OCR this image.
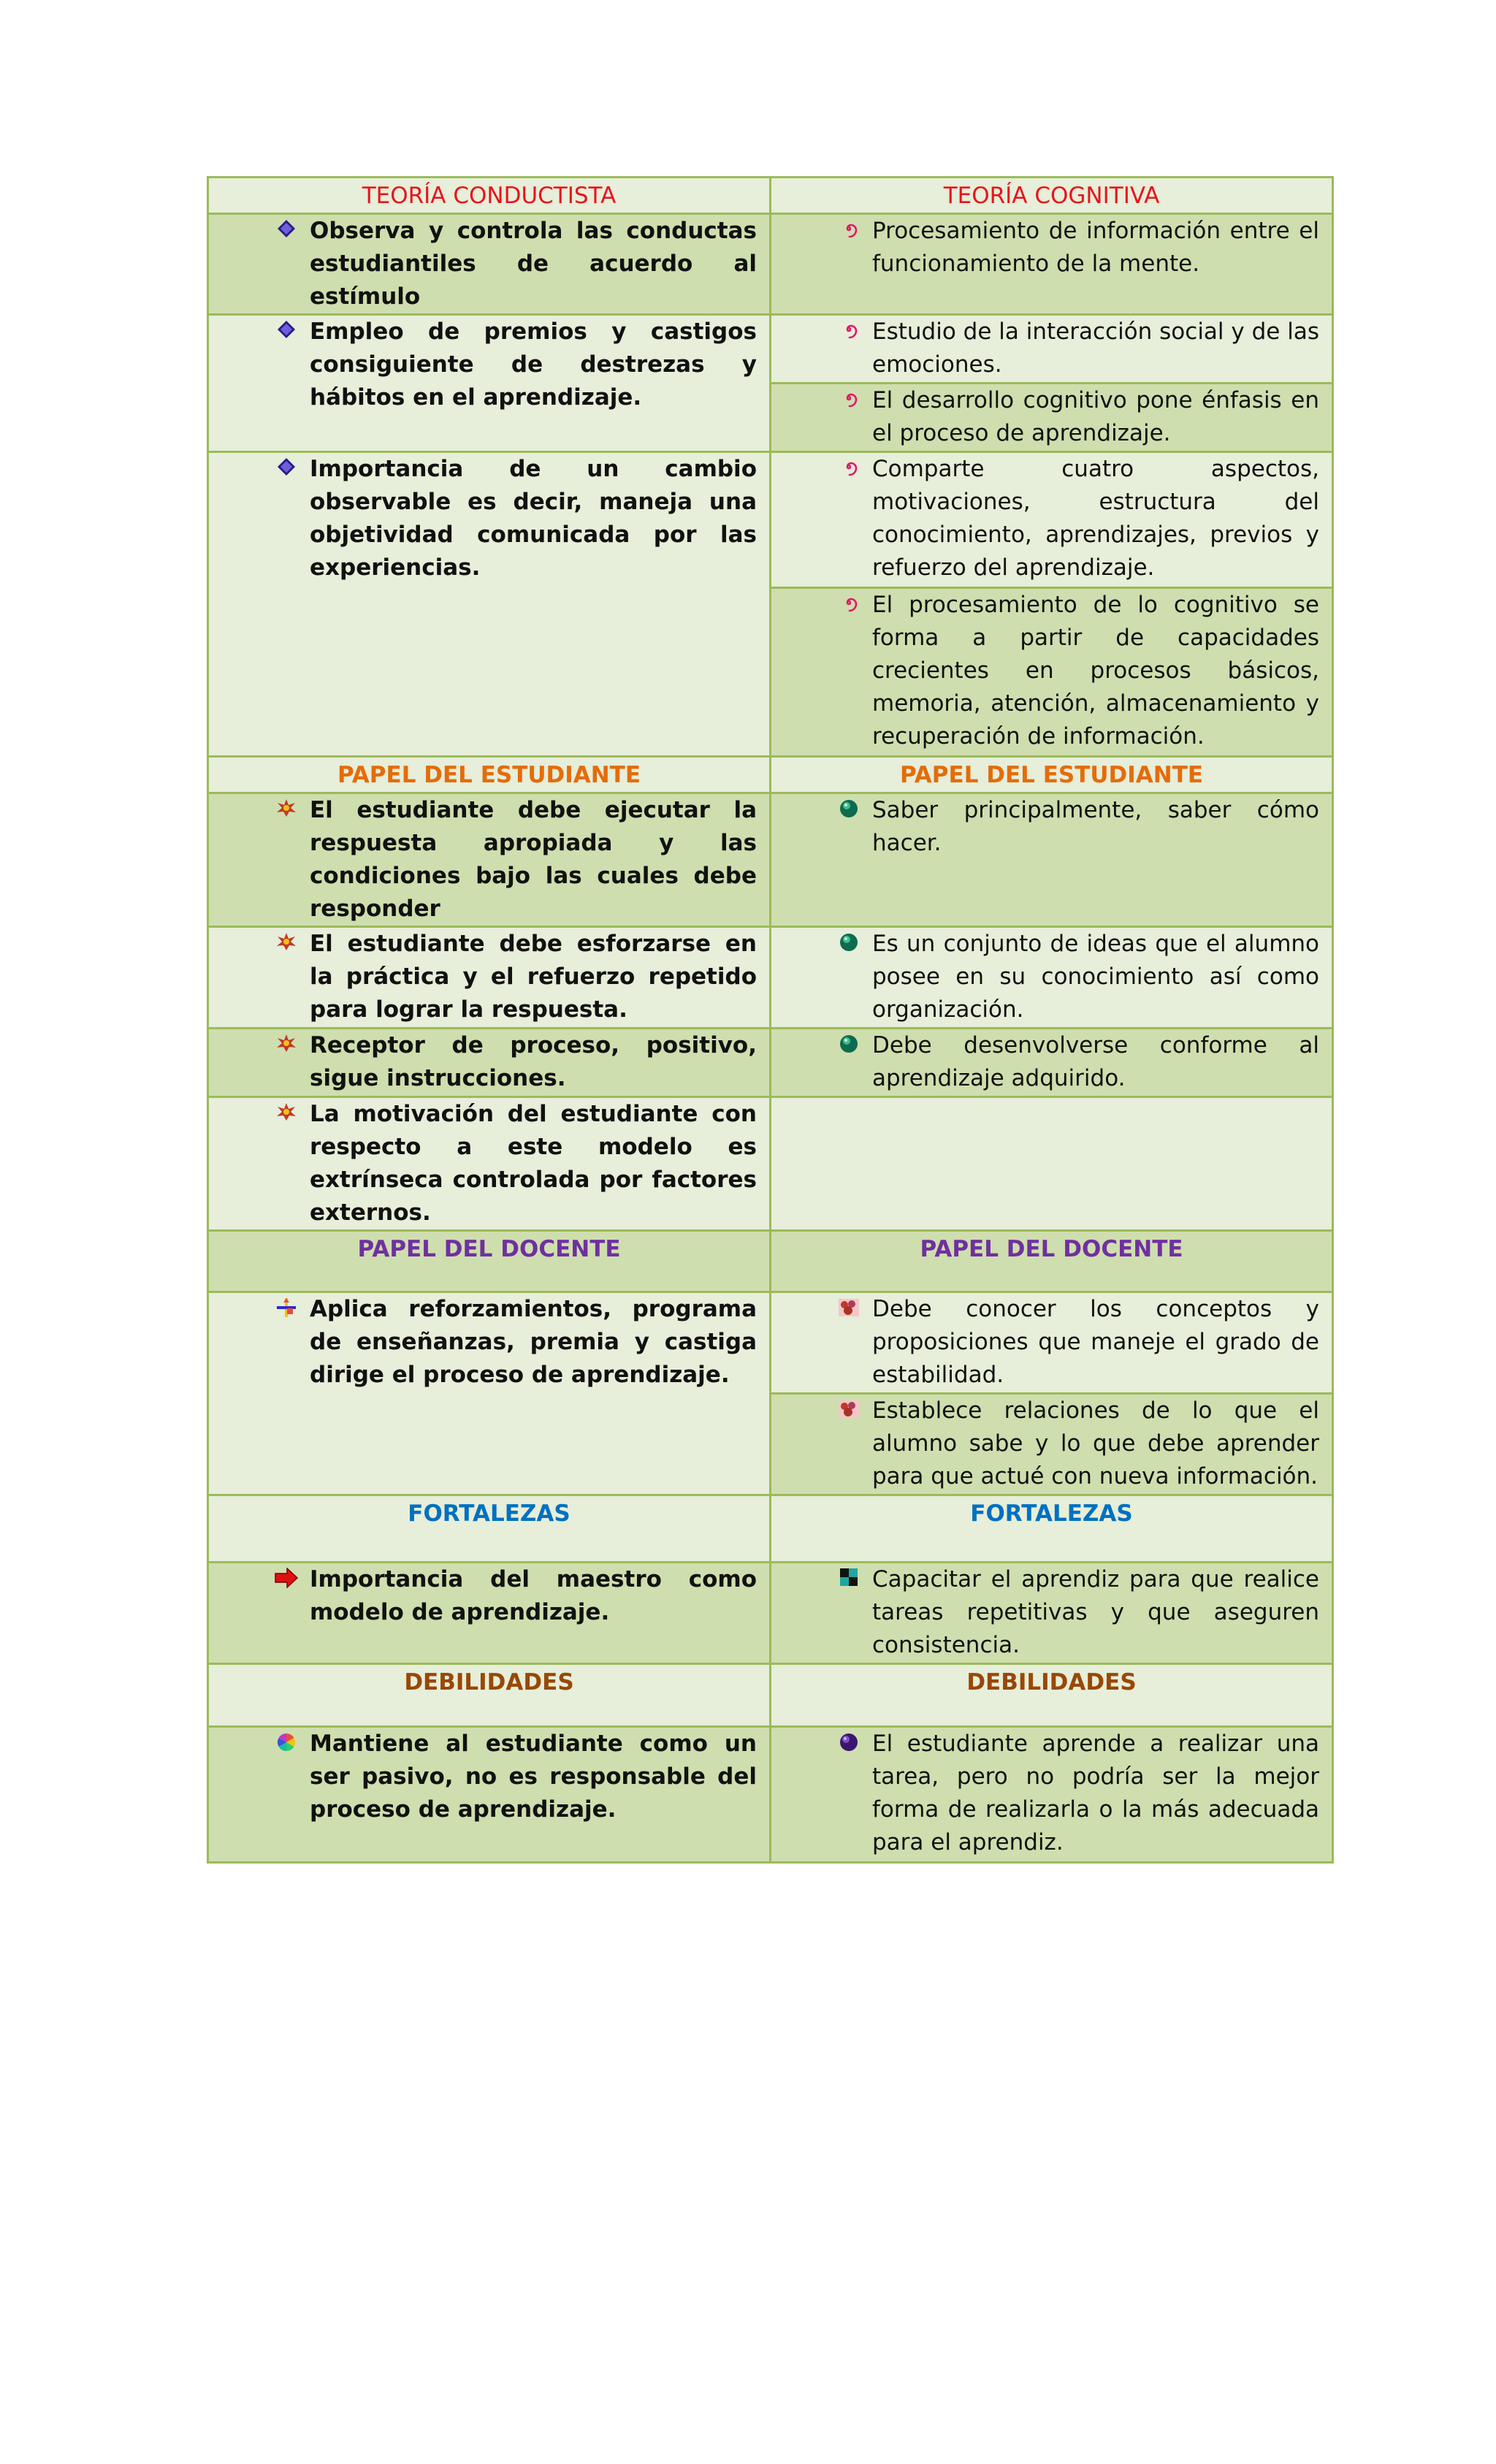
TEORÍA CONDUCTISTA	TEORÍA COGNITIVA

Observa y controla las conductas estudiantiles de acuerdo al estímulo	Procesamiento de información entre el funcionamiento de la mente.

Empleo de premios y castigos consiguiente de destrezas y hábitos en el aprendizaje.	Estudio de la interacción social y de las emociones.

	El desarrollo cognitivo pone énfasis en el proceso de aprendizaje.

Importancia de un cambio observable es decir, maneja una objetividad comunicada por las experiencias.	Comparte cuatro aspectos, motivaciones, estructura del conocimiento, aprendizajes, previos y refuerzo del aprendizaje.

	El procesamiento de lo cognitivo se forma a partir de capacidades crecientes en procesos básicos, memoria, atención, almacenamiento y recuperación de información.

PAPEL DEL ESTUDIANTE	PAPEL DEL ESTUDIANTE

El estudiante debe ejecutar la respuesta apropiada y las condiciones bajo las cuales debe responder	Saber principalmente, saber cómo hacer.

El estudiante debe esforzarse en la práctica y el refuerzo repetido para lograr la respuesta.	Es un conjunto de ideas que el alumno posee en su conocimiento así como organización.

Receptor de proceso, positivo, sigue instrucciones.	Debe desenvolverse conforme al aprendizaje adquirido.

La motivación del estudiante con respecto a este modelo es extrínseca controlada por factores externos.	

PAPEL DEL DOCENTE	PAPEL DEL DOCENTE

Aplica reforzamientos, programa de enseñanzas, premia y castiga dirige el proceso de aprendizaje.	Debe conocer los conceptos y proposiciones que maneje el grado de estabilidad.

	Establece relaciones de lo que el alumno sabe y lo que debe aprender para que actué con nueva información.

FORTALEZAS	FORTALEZAS

Importancia del maestro como modelo de aprendizaje.	Capacitar el aprendiz para que realice tareas repetitivas y que aseguren consistencia.

DEBILIDADES	DEBILIDADES

Mantiene al estudiante como un ser pasivo, no es responsable del proceso de aprendizaje.	El estudiante aprende a realizar una tarea, pero no podría ser la mejor forma de realizarla o la más adecuada para el aprendiz.
